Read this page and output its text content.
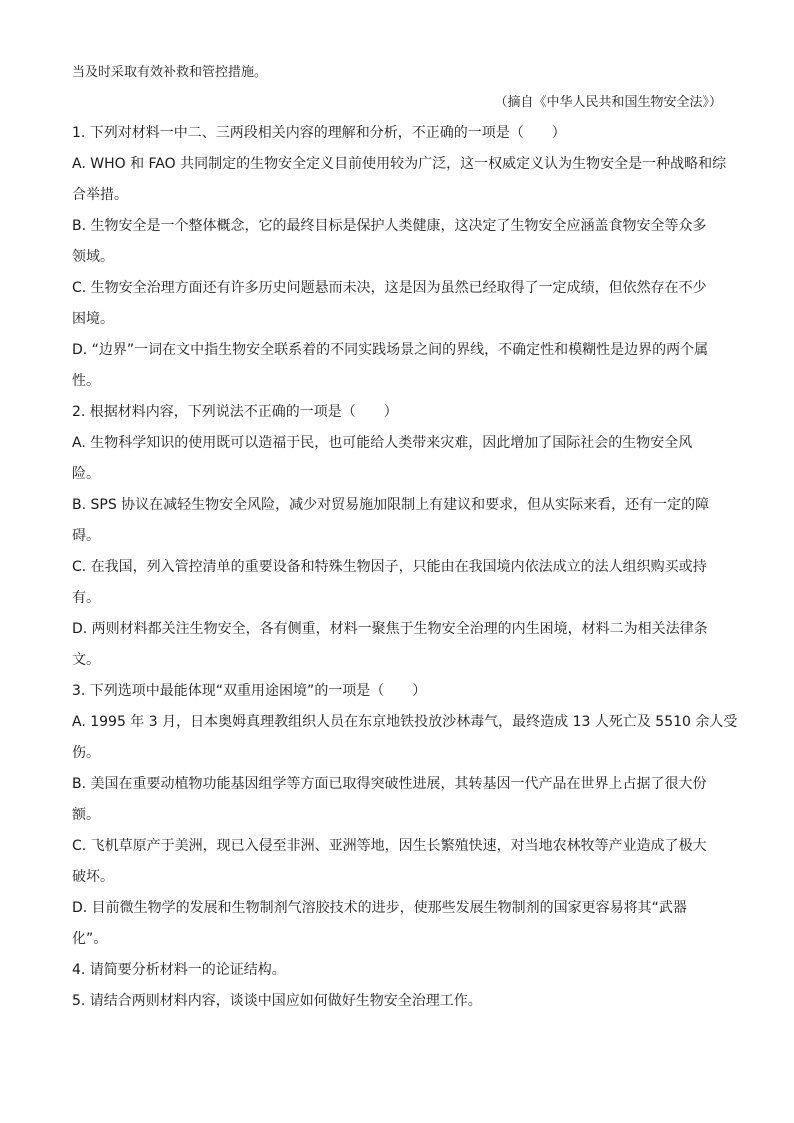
当及时采取有效补救和管控措施。

（摘自《中华人民共和国生物安全法》）

1. 下列对材料一中二、三两段相关内容的理解和分析，不正确的一项是（　　）

A. WHO 和 FAO 共同制定的生物安全定义目前使用较为广泛，这一权威定义认为生物安全是一种战略和综

合举措。

B. 生物安全是一个整体概念，它的最终目标是保护人类健康，这决定了生物安全应涵盖食物安全等众多

领域。

C. 生物安全治理方面还有许多历史问题悬而未决，这是因为虽然已经取得了一定成绩，但依然存在不少

困境。

D. “边界”一词在文中指生物安全联系着的不同实践场景之间的界线，不确定性和模糊性是边界的两个属

性。

2. 根据材料内容，下列说法不正确的一项是（　　）

A. 生物科学知识的使用既可以造福于民，也可能给人类带来灾难，因此增加了国际社会的生物安全风

险。

B. SPS 协议在减轻生物安全风险，减少对贸易施加限制上有建议和要求，但从实际来看，还有一定的障

碍。

C. 在我国，列入管控清单的重要设备和特殊生物因子，只能由在我国境内依法成立的法人组织购买或持

有。

D. 两则材料都关注生物安全，各有侧重，材料一聚焦于生物安全治理的内生困境，材料二为相关法律条

文。

3. 下列选项中最能体现“双重用途困境”的一项是（　　）

A. 1995 年 3 月，日本奥姆真理教组织人员在东京地铁投放沙林毒气，最终造成 13 人死亡及 5510 余人受

伤。

B. 美国在重要动植物功能基因组学等方面已取得突破性进展，其转基因一代产品在世界上占据了很大份

额。

C. 飞机草原产于美洲，现已入侵至非洲、亚洲等地，因生长繁殖快速，对当地农林牧等产业造成了极大

破坏。

D. 目前微生物学的发展和生物制剂气溶胶技术的进步，使那些发展生物制剂的国家更容易将其“武器

化”。

4. 请简要分析材料一的论证结构。

5. 请结合两则材料内容，谈谈中国应如何做好生物安全治理工作。
